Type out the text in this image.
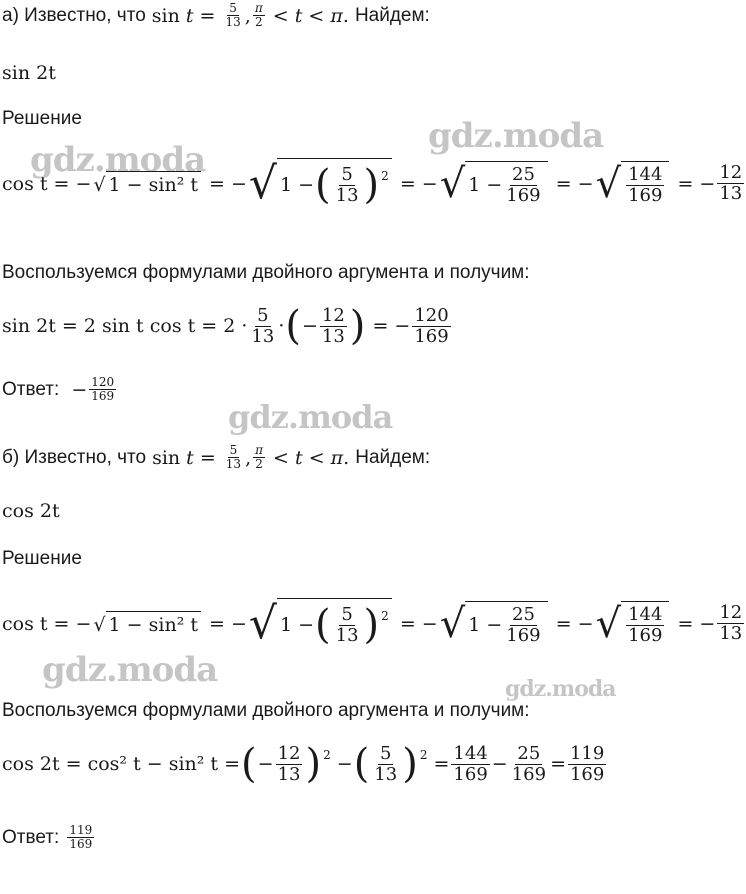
gdz.moda
gdz.moda
gdz.moda
gdz.moda	gdz.moda
а) Известно, что $\sin t = \frac{5}{13}$ , $\frac{\pi}{2} < t < \pi$ . Найдем:
sin 2t
Решение
cos t = − √ 1 − sin² t = − √ 1 − ( $\frac{5}{13}$ ) 2 = − √ $1 - \frac{25}{169}$ = − √ $\frac{144}{169}$ = − $\frac{12}{13}$
Воспользуемся формулами двойного аргумента и получим:
sin 2t = 2 sin t $\cos t = 2 \cdot \frac{5}{13}$ · ( − $\frac{12}{13}$ )
= − $\frac{120}{169}$
Ответ: − $\frac{120}{169}$
б) Известно, что $\sin t = \frac{5}{13}$ , $\frac{\pi}{2} < t < \pi$ . Найдем:
cos 2t
Решение
cos t = − √ 1 − sin² t = − √ 1 − ( $\frac{5}{13}$ ) 2 = − √ $1 - \frac{25}{169}$ = − √ $\frac{144}{169}$ = − $\frac{12}{13}$
Воспользуемся формулами двойного аргумента и получим:
cos 2t = cos² t − sin² t = ( − $\frac{12}{13}$ ) 2
− ( $\frac{5}{13}$ ) 2
= $\frac{144}{169} - \frac{25}{169} = \frac{119}{169}$
Ответ:
$\frac{119}{169}$
